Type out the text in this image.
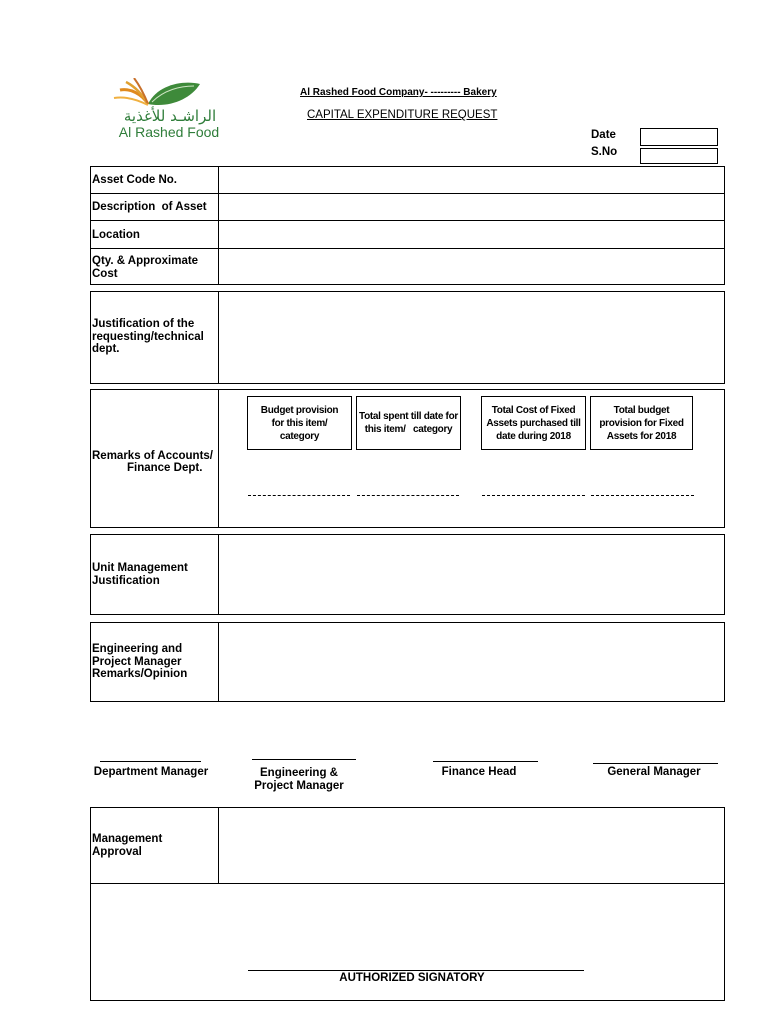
الراشـد للأغذية
Al Rashed Food
Al Rashed Food Company- --------- Bakery
CAPITAL EXPENDITURE REQUEST
Date
S.No
Asset Code No.
Description  of Asset
Location
Qty. & Approximate Cost
Justification of the requesting/technical dept.
Remarks of Accounts/
Finance Dept.
Budget provision    for this item/   category
Total spent till date for this item/   category
Total Cost of Fixed Assets purchased till date during 2018
Total budget provision for Fixed Assets for 2018
Unit Management Justification
Engineering and Project Manager Remarks/Opinion
Department Manager	Engineering & Project Manager
Finance Head	General Manager
Management Approval
AUTHORIZED SIGNATORY
